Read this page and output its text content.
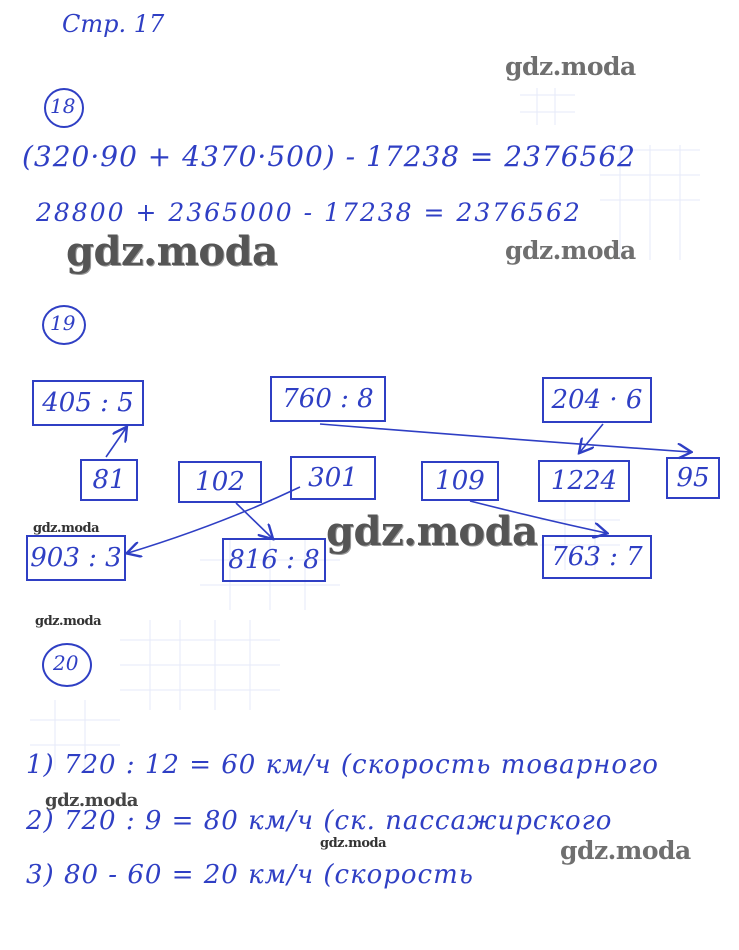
Стр. 17
gdz.moda
gdz.moda	gdz.moda
gdz.moda	gdz.moda
gdz.moda
gdz.moda
gdz.moda	gdz.moda
18
(320·90 + 4370·500) - 17238 = 2376562
28800 + 2365000 - 17238 = 2376562
19
405 : 5	760 : 8	204 · 6
81	102	301	109	1224	95
903 : 3	816 : 8	763 : 7
20
1) 720 : 12 = 60 км/ч (скорость товарного
2) 720 : 9 = 80 км/ч (ск. пассажирского
3) 80 - 60 = 20 км/ч (скорость
